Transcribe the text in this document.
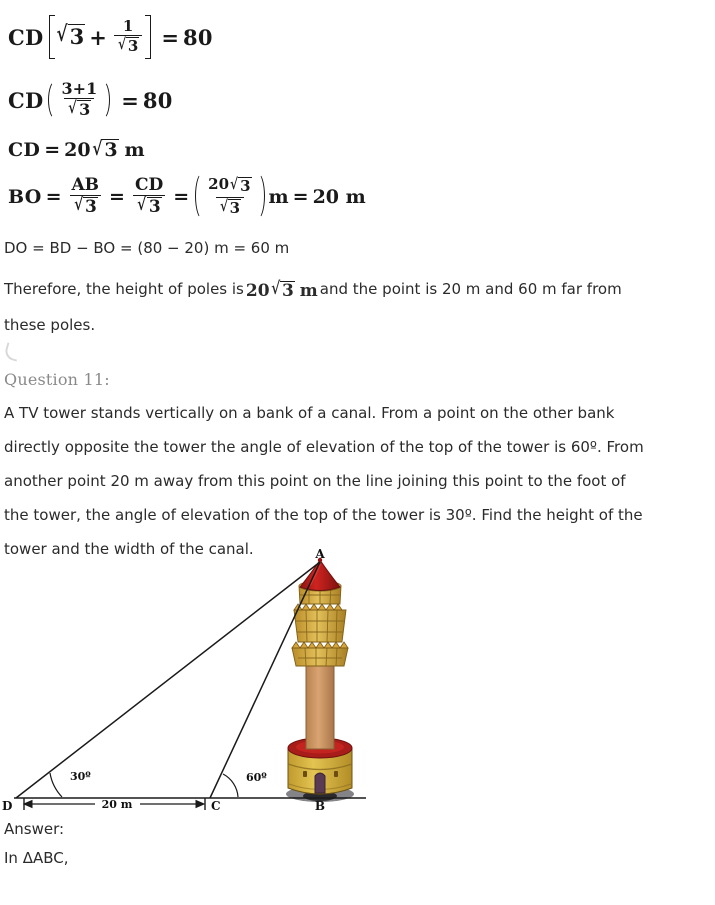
CD √ $3 + \frac{1}{√ 3} = 80$
CD $\frac{3+1}{√ 3} = 80$
CD = 20 √ 3 m
BO = $\frac{AB}{√ 3} = \frac{CD}{√ 3} = \frac{20 √ 3}{√ 3}$ m = 20 m
DO = BD − BO = (80 − 20) m = 60 m
Therefore, the height of poles is 20 √ 3 m and the point is 20 m and 60 m far from
these poles.
Question 11:
A TV tower stands vertically on a bank of a canal. From a point on the other bank
directly opposite the tower the angle of elevation of the top of the tower is 60º. From
another point 20 m away from this point on the line joining this point to the foot of
the tower, the angle of elevation of the top of the tower is 30º. Find the height of the
tower and the width of the canal.	A
B
C
D
30º	60º
20 m
Answer:
In ΔABC,
